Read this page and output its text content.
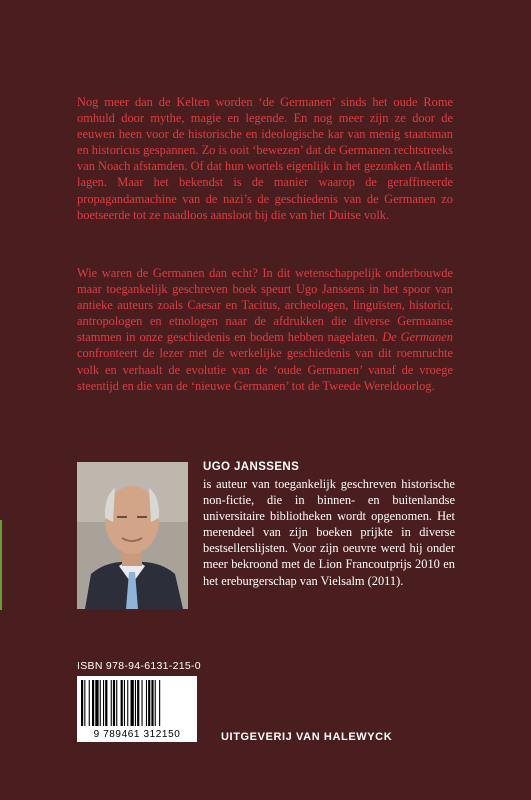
Nog meer dan de Kelten worden ‘de Germanen’ sinds het oude Rome omhuld door mythe, magie en legende. En nog meer zijn ze door de eeuwen heen voor de historische en ideologische kar van menig staatsman en historicus gespannen. Zo is ooit ‘bewezen’ dat de Germanen rechtstreeks van Noach afstamden. Of dat hun wortels eigenlijk in het gezonken Atlantis lagen. Maar het bekendst is de manier waarop de geraffineerde propagandamachine van de nazi’s de geschiedenis van de Germanen zo boetseerde tot ze naadloos aansloot bij die van het Duitse volk.

Wie waren de Germanen dan echt? In dit wetenschappelijk onderbouwde maar toegankelijk geschreven boek speurt Ugo Janssens in het spoor van antieke auteurs zoals Caesar en Tacitus, archeologen, linguïsten, historici, antropologen en etnologen naar de afdrukken die diverse Germaanse stammen in onze geschiedenis en bodem hebben nagelaten. De Germanen confronteert de lezer met de werkelijke geschiedenis van dit roemruchte volk en verhaalt de evolutie van de ‘oude Germanen’ vanaf de vroege steentijd en die van de ‘nieuwe Germanen’ tot de Tweede Wereldoorlog.

UGO JANSSENS

is auteur van toegankelijk geschreven historische non-fictie, die in binnen- en buitenlandse universitaire bibliotheken wordt opgenomen. Het merendeel van zijn boeken prijkte in diverse bestsellerslijsten. Voor zijn oeuvre werd hij onder meer bekroond met de Lion Francoutprijs 2010 en het ereburgerschap van Vielsalm (2011).

ISBN 978-94-6131-215-0
9 789461 312150	UITGEVERIJ VAN HALEWYCK
